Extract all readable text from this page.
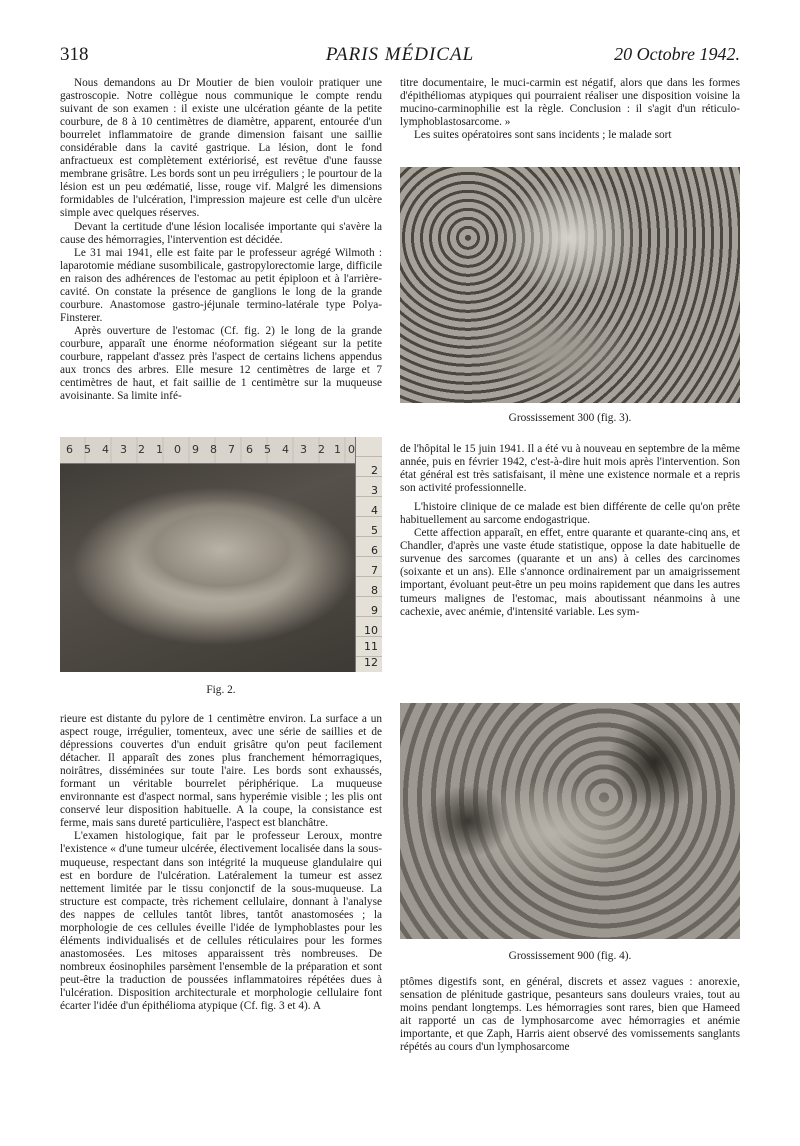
318	PARIS MÉDICAL	20 Octobre 1942.

Nous demandons au Dr Moutier de bien vouloir pratiquer une gastroscopie. Notre collègue nous communique le compte rendu suivant de son examen : il existe une ulcération géante de la petite courbure, de 8 à 10 centimètres de diamètre, apparent, entourée d'un bourrelet inflammatoire de grande dimension faisant une saillie considérable dans la cavité gastrique. La lésion, dont le fond anfractueux est complètement extériorisé, est revêtue d'une fausse membrane grisâtre. Les bords sont un peu irréguliers ; le pourtour de la lésion est un peu œdématié, lisse, rouge vif. Malgré les dimensions formidables de l'ulcération, l'impression majeure est celle d'un ulcère simple avec quelques réserves.

Devant la certitude d'une lésion localisée importante qui s'avère la cause des hémorragies, l'intervention est décidée.

Le 31 mai 1941, elle est faite par le professeur agrégé Wilmoth : laparotomie médiane susombilicale, gastropylorectomie large, difficile en raison des adhérences de l'estomac au petit épiploon et à l'arrière-cavité. On constate la présence de ganglions le long de la grande courbure. Anastomose gastro-jéjunale termino-latérale type Polya-Finsterer.

Après ouverture de l'estomac (Cf. fig. 2) le long de la grande courbure, apparaît une énorme néoformation siégeant sur la petite courbure, rappelant d'assez près l'aspect de certains lichens appendus aux troncs des arbres. Elle mesure 12 centimètres de large et 7 centimètres de haut, et fait saillie de 1 centimètre sur la muqueuse avoisinante. Sa limite infé-

6 5 4 3 2 1 0 9 8 7 6 5 4 3 2 1 0
2
3
4
5
6
7
8
9
10
11
12
Fig. 2.

rieure est distante du pylore de 1 centimètre environ. La surface a un aspect rouge, irrégulier, tomenteux, avec une série de saillies et de dépressions couvertes d'un enduit grisâtre qu'on peut facilement détacher. Il apparaît des zones plus franchement hémorragiques, noirâtres, disséminées sur toute l'aire. Les bords sont exhaussés, formant un véritable bourrelet périphérique. La muqueuse environnante est d'aspect normal, sans hyperémie visible ; les plis ont conservé leur disposition habituelle. A la coupe, la consistance est ferme, mais sans dureté particulière, l'aspect est blanchâtre.

L'examen histologique, fait par le professeur Leroux, montre l'existence « d'une tumeur ulcérée, électivement localisée dans la sous-muqueuse, respectant dans son intégrité la muqueuse glandulaire qui est en bordure de l'ulcération. Latéralement la tumeur est assez nettement limitée par le tissu conjonctif de la sous-muqueuse. La structure est compacte, très richement cellulaire, donnant à l'analyse des nappes de cellules tantôt libres, tantôt anastomosées ; la morphologie de ces cellules éveille l'idée de lymphoblastes pour les éléments individualisés et de cellules réticulaires pour les formes anastomosées. Les mitoses apparaissent très nombreuses. De nombreux éosinophiles parsèment l'ensemble de la préparation et sont peut-être la traduction de poussées inflammatoires répétées dues à l'ulcération. Disposition architecturale et morphologie cellulaire font écarter l'idée d'un épithélioma atypique (Cf. fig. 3 et 4). A

titre documentaire, le muci-carmin est négatif, alors que dans les formes d'épithéliomas atypiques qui pourraient réaliser une disposition voisine la mucino-carminophilie est la règle. Conclusion : il s'agit d'un réticulo-lymphoblastosarcome. »

Les suites opératoires sont sans incidents ; le malade sort

Grossissement 300 (fig. 3).

de l'hôpital le 15 juin 1941. Il a été vu à nouveau en septembre de la même année, puis en février 1942, c'est-à-dire huit mois après l'intervention. Son état général est très satisfaisant, il mène une existence normale et a repris son activité professionnelle.

L'histoire clinique de ce malade est bien différente de celle qu'on prête habituellement au sarcome endogastrique.

Cette affection apparaît, en effet, entre quarante et quarante-cinq ans, et Chandler, d'après une vaste étude statistique, oppose la date habituelle de survenue des sarcomes (quarante et un ans) à celles des carcinomes (soixante et un ans). Elle s'annonce ordinairement par un amaigrissement important, évoluant peut-être un peu moins rapidement que dans les autres tumeurs malignes de l'estomac, mais aboutissant néanmoins à une cachexie, avec anémie, d'intensité variable. Les sym-

Grossissement 900 (fig. 4).

ptômes digestifs sont, en général, discrets et assez vagues : anorexie, sensation de plénitude gastrique, pesanteurs sans douleurs vraies, tout au moins pendant longtemps. Les hémorragies sont rares, bien que Hameed ait rapporté un cas de lymphosarcome avec hémorragies et anémie importante, et que Zaph, Harris aient observé des vomissements sanglants répétés au cours d'un lymphosarcome
